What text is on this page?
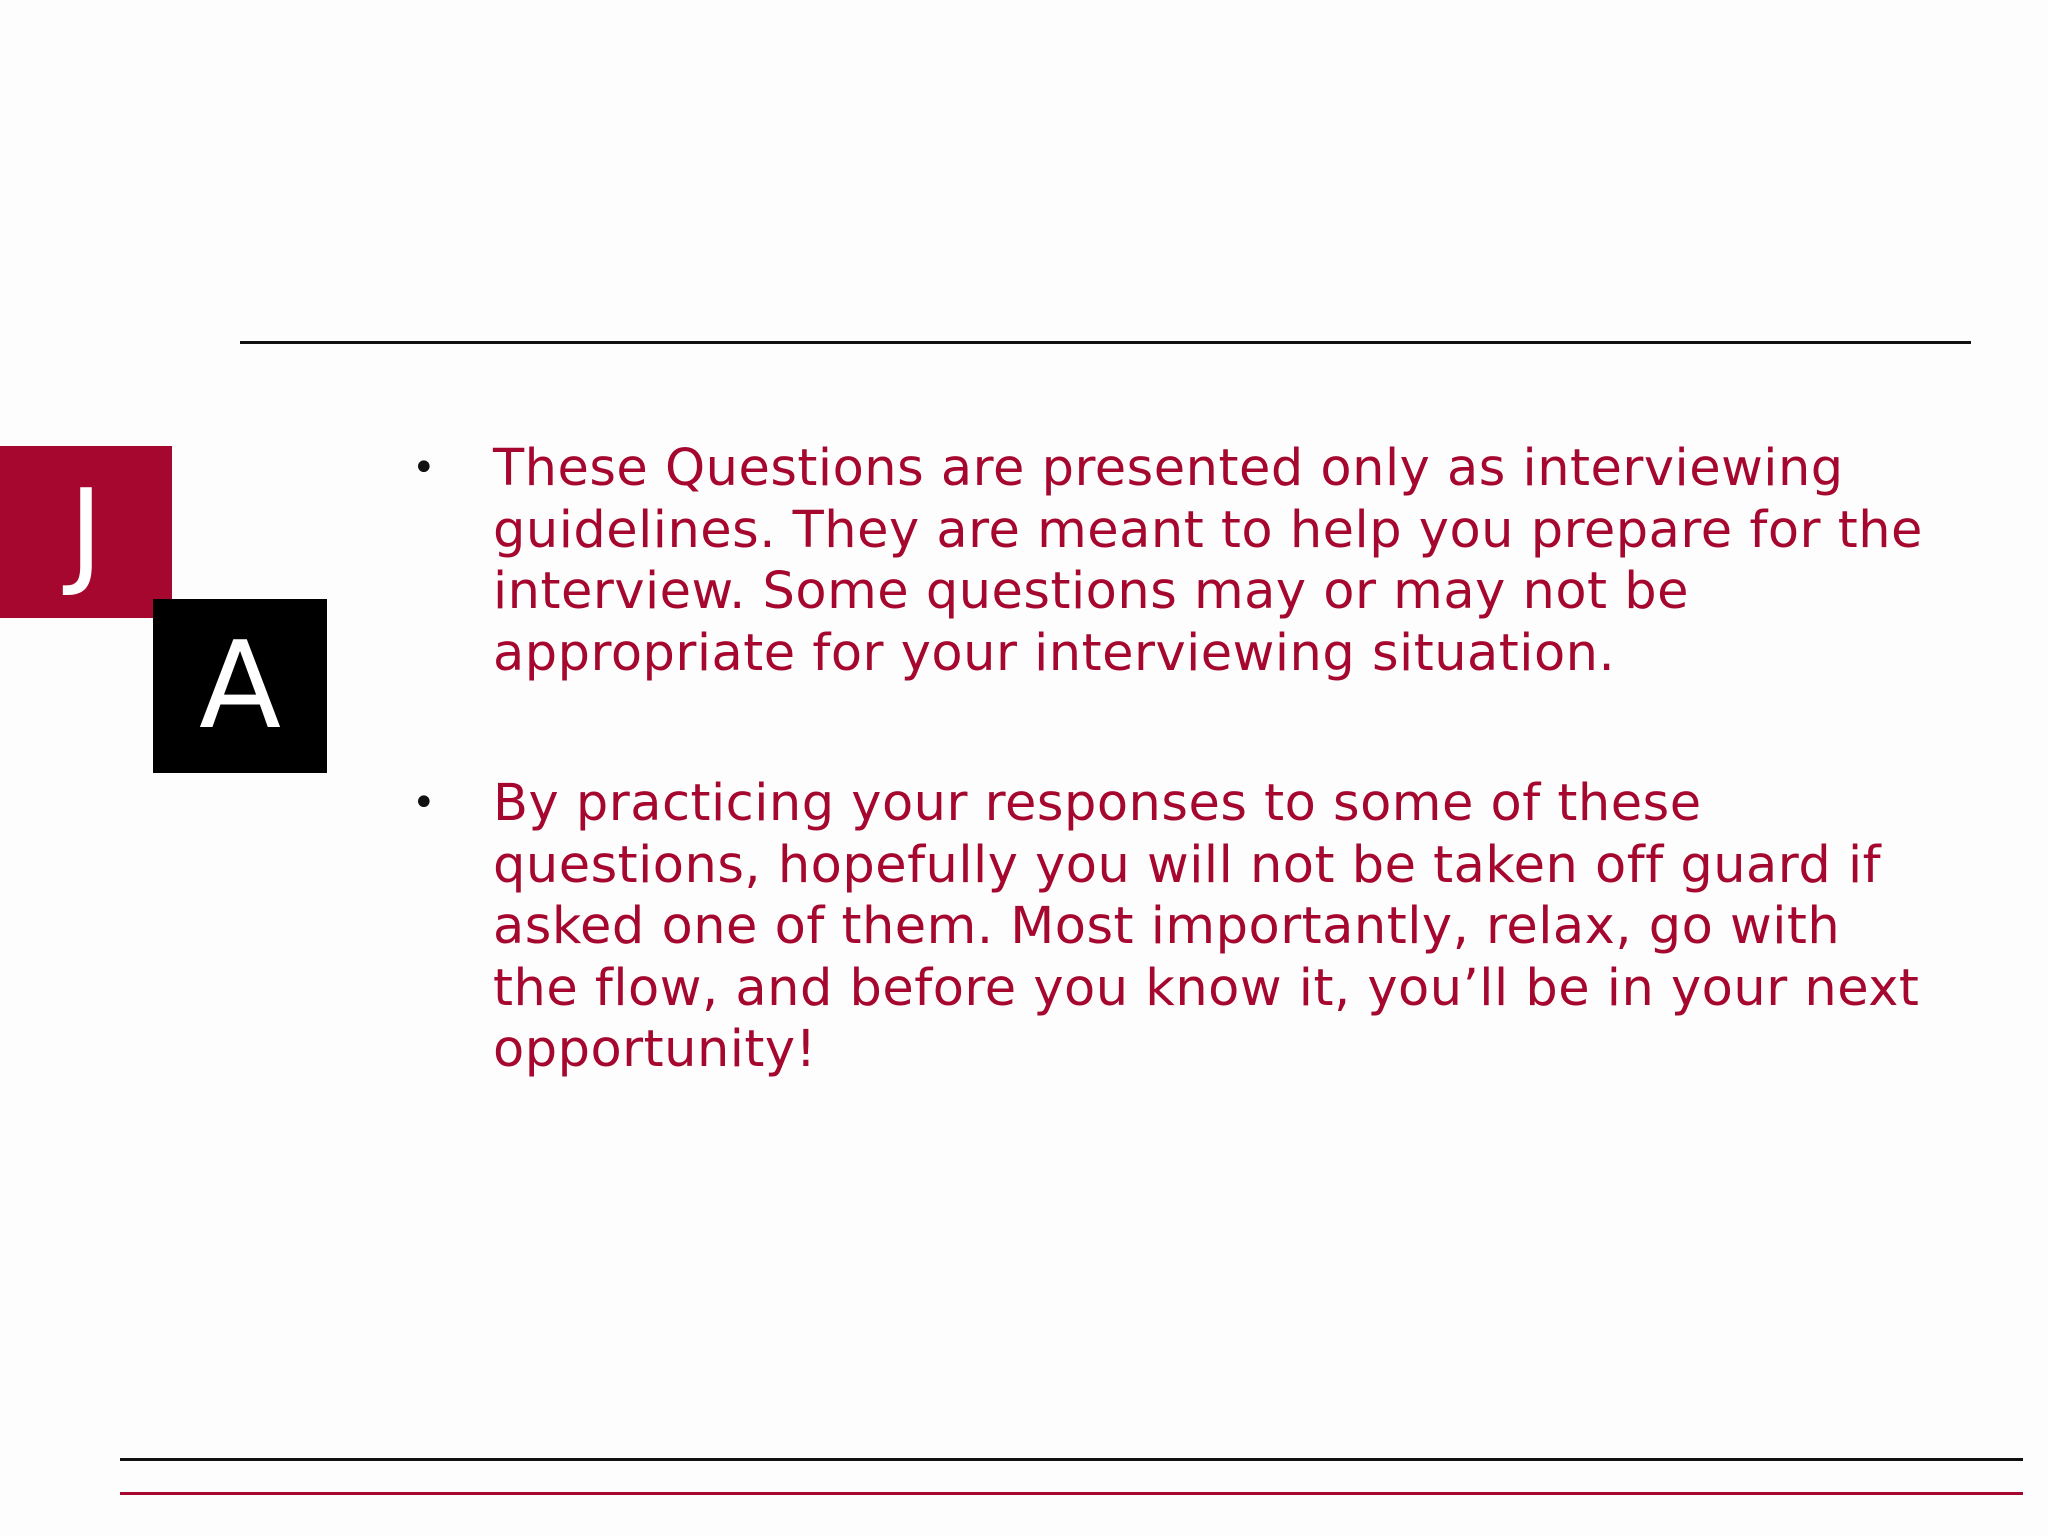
J
A
• These Questions are presented only as interviewing guidelines. They are meant to help you prepare for the interview. Some questions may or may not be appropriate for your interviewing situation.
• By practicing your responses to some of these questions, hopefully you will not be taken off guard if asked one of them. Most importantly, relax, go with the flow, and before you know it, you’ll be in your next opportunity!
